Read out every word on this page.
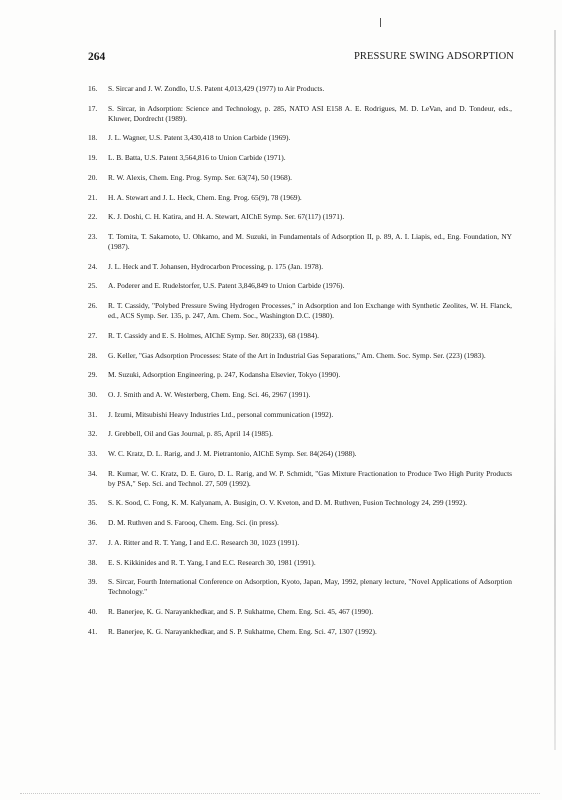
264	PRESSURE SWING ADSORPTION
16.	S. Sircar and J. W. Zondlo, U.S. Patent 4,013,429 (1977) to Air Products.
17.	S. Sircar, in Adsorption: Science and Technology, p. 285, NATO ASI E158 A. E. Rodrigues, M. D. LeVan, and D. Tondeur, eds., Kluwer, Dordrecht (1989).
18.	J. L. Wagner, U.S. Patent 3,430,418 to Union Carbide (1969).
19.	L. B. Batta, U.S. Patent 3,564,816 to Union Carbide (1971).
20.	R. W. Alexis, Chem. Eng. Prog. Symp. Ser. 63(74), 50 (1968).
21.	H. A. Stewart and J. L. Heck, Chem. Eng. Prog. 65(9), 78 (1969).
22.	K. J. Doshi, C. H. Katira, and H. A. Stewart, AIChE Symp. Ser. 67(117) (1971).
23.	T. Tomita, T. Sakamoto, U. Ohkamo, and M. Suzuki, in Fundamentals of Adsorption II, p. 89, A. I. Liapis, ed., Eng. Foundation, NY (1987).
24.	J. L. Heck and T. Johansen, Hydrocarbon Processing, p. 175 (Jan. 1978).
25.	A. Poderer and E. Rudelstorfer, U.S. Patent 3,846,849 to Union Carbide (1976).
26.	R. T. Cassidy, "Polybed Pressure Swing Hydrogen Processes," in Adsorption and Ion Exchange with Synthetic Zeolites, W. H. Flanck, ed., ACS Symp. Ser. 135, p. 247, Am. Chem. Soc., Washington D.C. (1980).
27.	R. T. Cassidy and E. S. Holmes, AIChE Symp. Ser. 80(233), 68 (1984).
28.	G. Keller, "Gas Adsorption Processes: State of the Art in Industrial Gas Separations," Am. Chem. Soc. Symp. Ser. (223) (1983).
29.	M. Suzuki, Adsorption Engineering, p. 247, Kodansha Elsevier, Tokyo (1990).
30.	O. J. Smith and A. W. Westerberg, Chem. Eng. Sci. 46, 2967 (1991).
31.	J. Izumi, Mitsubishi Heavy Industries Ltd., personal communication (1992).
32.	J. Grebbell, Oil and Gas Journal, p. 85, April 14 (1985).
33.	W. C. Kratz, D. L. Rarig, and J. M. Pietrantonio, AIChE Symp. Ser. 84(264) (1988).
34.	R. Kumar, W. C. Kratz, D. E. Guro, D. L. Rarig, and W. P. Schmidt, "Gas Mixture Fractionation to Produce Two High Purity Products by PSA," Sep. Sci. and Technol. 27, 509 (1992).
35.	S. K. Sood, C. Fong, K. M. Kalyanam, A. Busigin, O. V. Kveton, and D. M. Ruthven, Fusion Technology 24, 299 (1992).
36.	D. M. Ruthven and S. Farooq, Chem. Eng. Sci. (in press).
37.	J. A. Ritter and R. T. Yang, I and E.C. Research 30, 1023 (1991).
38.	E. S. Kikkinides and R. T. Yang, I and E.C. Research 30, 1981 (1991).
39.	S. Sircar, Fourth International Conference on Adsorption, Kyoto, Japan, May, 1992, plenary lecture, "Novel Applications of Adsorption Technology."
40.	R. Banerjee, K. G. Narayankhedkar, and S. P. Sukhatme, Chem. Eng. Sci. 45, 467 (1990).
41.	R. Banerjee, K. G. Narayankhedkar, and S. P. Sukhatme, Chem. Eng. Sci. 47, 1307 (1992).
